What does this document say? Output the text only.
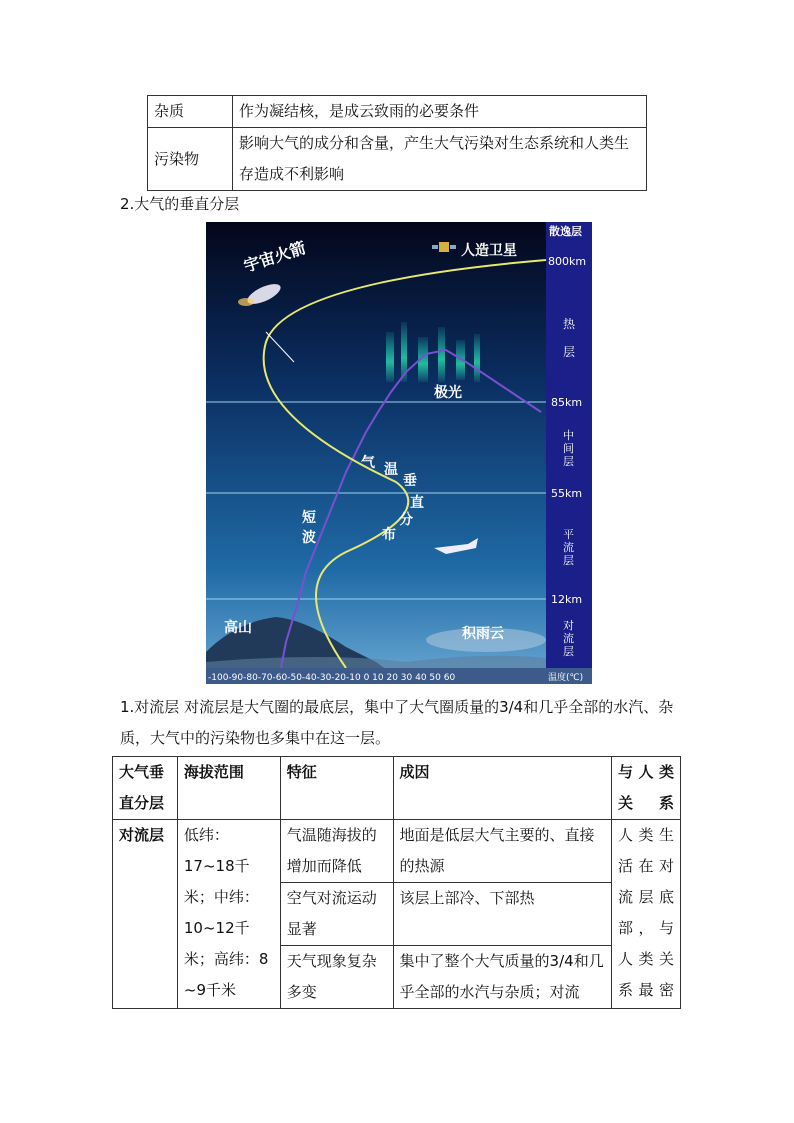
杂质	作为凝结核，是成云致雨的必要条件
污染物	影响大气的成分和含量，产生大气污染对生态系统和人类生存造成不利影响
2.大气的垂直分层
宇宙火箭	人造卫星
极光
气 温
垂
直
分
布
短
波
高山	积雨云
散逸层
热
层
中
间
层
平
流
层
对
流
层
800km
85km
55km
12km
-100-90-80-70-60-50-40-30-20-10 0 10 20 30 40 50 60	温度(℃)
1.对流层 对流层是大气圈的最底层，集中了大气圈质量的3/4和几乎全部的水汽、杂质，大气中的污染物也多集中在这一层。
大气垂直分层	海拔范围	特征	成因	与人类关系
对流层	低纬：17~18千米；中纬：10~12千米；高纬：8 ~9千米	气温随海拔的增加而降低	地面是低层大气主要的、直接的热源	人类生活在对流层底部，与人类关系最密
		空气对流运动显著	该层上部冷、下部热	
		天气现象复杂多变	集中了整个大气质量的3/4和几乎全部的水汽与杂质；对流	
